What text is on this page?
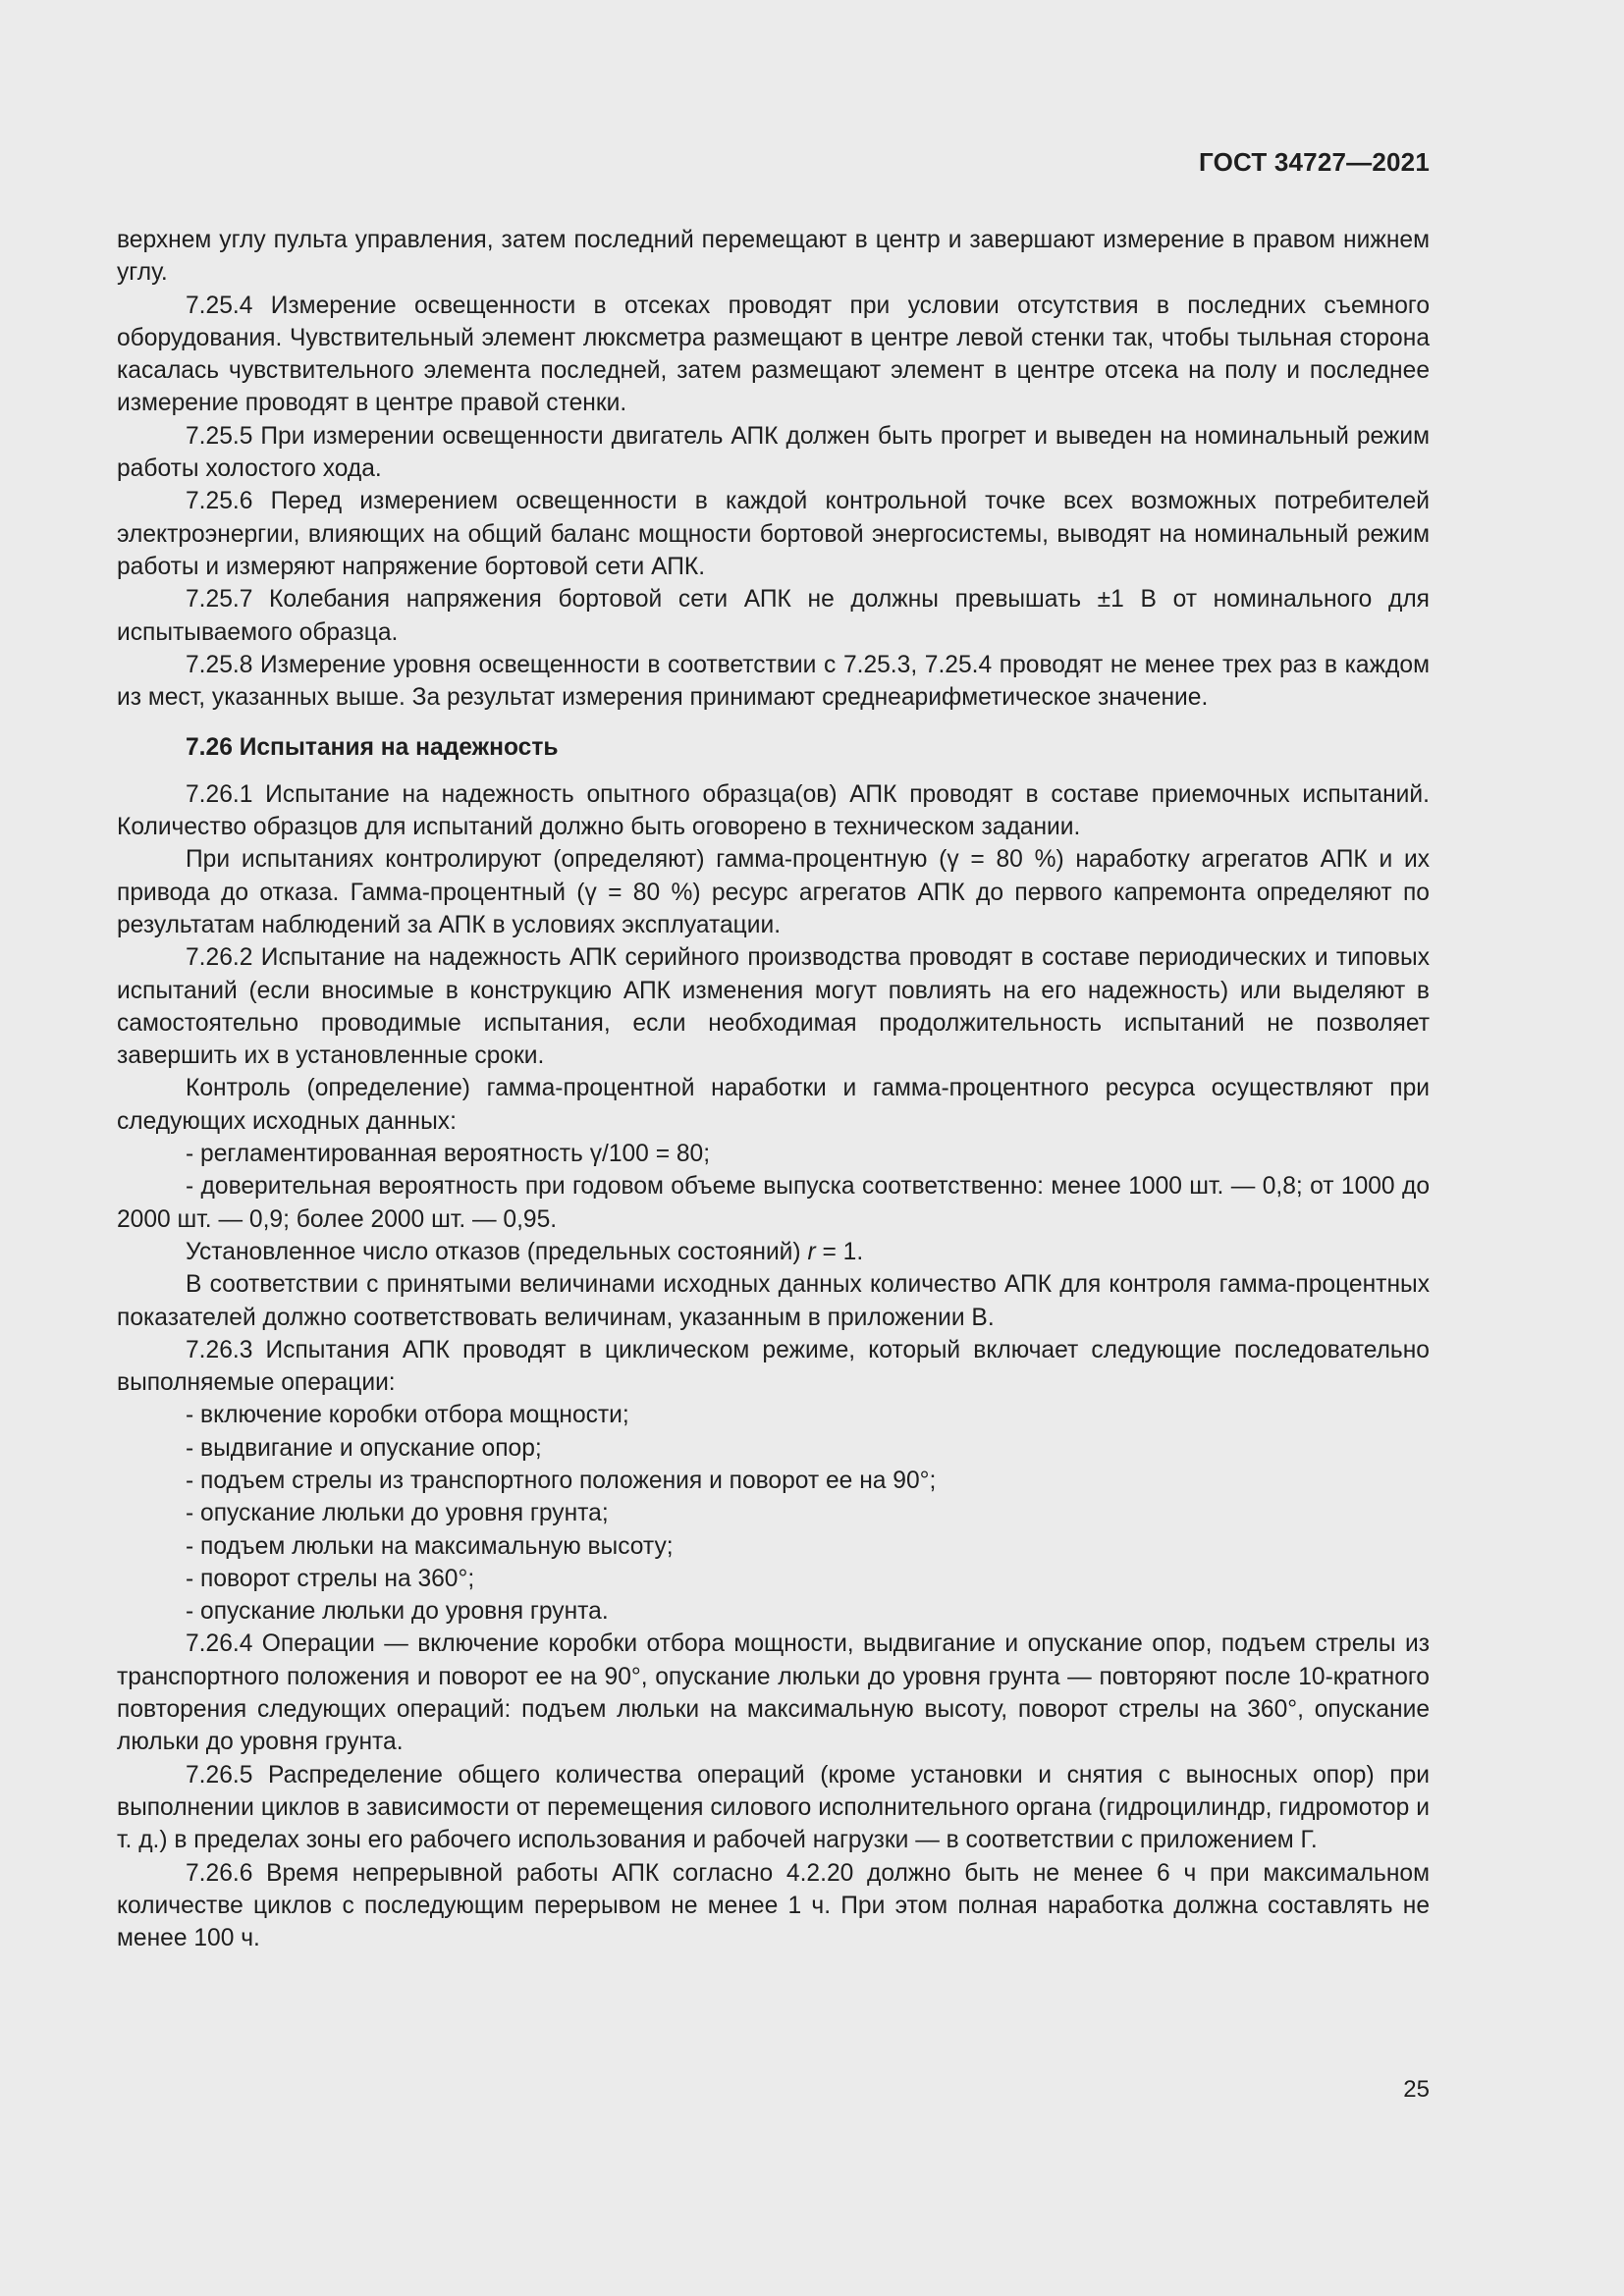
ГОСТ 34727—2021

верхнем углу пульта управления, затем последний перемещают в центр и завершают измерение в правом нижнем углу.

7.25.4 Измерение освещенности в отсеках проводят при условии отсутствия в последних съемного оборудования. Чувствительный элемент люксметра размещают в центре левой стенки так, чтобы тыльная сторона касалась чувствительного элемента последней, затем размещают элемент в центре отсека на полу и последнее измерение проводят в центре правой стенки.

7.25.5 При измерении освещенности двигатель АПК должен быть прогрет и выведен на номинальный режим работы холостого хода.

7.25.6 Перед измерением освещенности в каждой контрольной точке всех возможных потребителей электроэнергии, влияющих на общий баланс мощности бортовой энергосистемы, выводят на номинальный режим работы и измеряют напряжение бортовой сети АПК.

7.25.7 Колебания напряжения бортовой сети АПК не должны превышать ±1 В от номинального для испытываемого образца.

7.25.8 Измерение уровня освещенности в соответствии с 7.25.3, 7.25.4 проводят не менее трех раз в каждом из мест, указанных выше. За результат измерения принимают среднеарифметическое значение.

7.26 Испытания на надежность

7.26.1 Испытание на надежность опытного образца(ов) АПК проводят в составе приемочных испытаний. Количество образцов для испытаний должно быть оговорено в техническом задании.

При испытаниях контролируют (определяют) гамма-процентную (γ = 80 %) наработку агрегатов АПК и их привода до отказа. Гамма-процентный (γ = 80 %) ресурс агрегатов АПК до первого капремонта определяют по результатам наблюдений за АПК в условиях эксплуатации.

7.26.2 Испытание на надежность АПК серийного производства проводят в составе периодических и типовых испытаний (если вносимые в конструкцию АПК изменения могут повлиять на его надежность) или выделяют в самостоятельно проводимые испытания, если необходимая продолжительность испытаний не позволяет завершить их в установленные сроки.

Контроль (определение) гамма-процентной наработки и гамма-процентного ресурса осуществляют при следующих исходных данных:

- регламентированная вероятность γ/100 = 80;

- доверительная вероятность при годовом объеме выпуска соответственно: менее 1000 шт. — 0,8; от 1000 до 2000 шт. — 0,9; более 2000 шт. — 0,95.

Установленное число отказов (предельных состояний) r = 1.

В соответствии с принятыми величинами исходных данных количество АПК для контроля гамма-процентных показателей должно соответствовать величинам, указанным в приложении В.

7.26.3 Испытания АПК проводят в циклическом режиме, который включает следующие последовательно выполняемые операции:

- включение коробки отбора мощности;

- выдвигание и опускание опор;

- подъем стрелы из транспортного положения и поворот ее на 90°;

- опускание люльки до уровня грунта;

- подъем люльки на максимальную высоту;

- поворот стрелы на 360°;

- опускание люльки до уровня грунта.

7.26.4 Операции — включение коробки отбора мощности, выдвигание и опускание опор, подъем стрелы из транспортного положения и поворот ее на 90°, опускание люльки до уровня грунта — повторяют после 10-кратного повторения следующих операций: подъем люльки на максимальную высоту, поворот стрелы на 360°, опускание люльки до уровня грунта.

7.26.5 Распределение общего количества операций (кроме установки и снятия с выносных опор) при выполнении циклов в зависимости от перемещения силового исполнительного органа (гидроцилиндр, гидромотор и т. д.) в пределах зоны его рабочего использования и рабочей нагрузки — в соответствии с приложением Г.

7.26.6 Время непрерывной работы АПК согласно 4.2.20 должно быть не менее 6 ч при максимальном количестве циклов с последующим перерывом не менее 1 ч. При этом полная наработка должна составлять не менее 100 ч.

25
